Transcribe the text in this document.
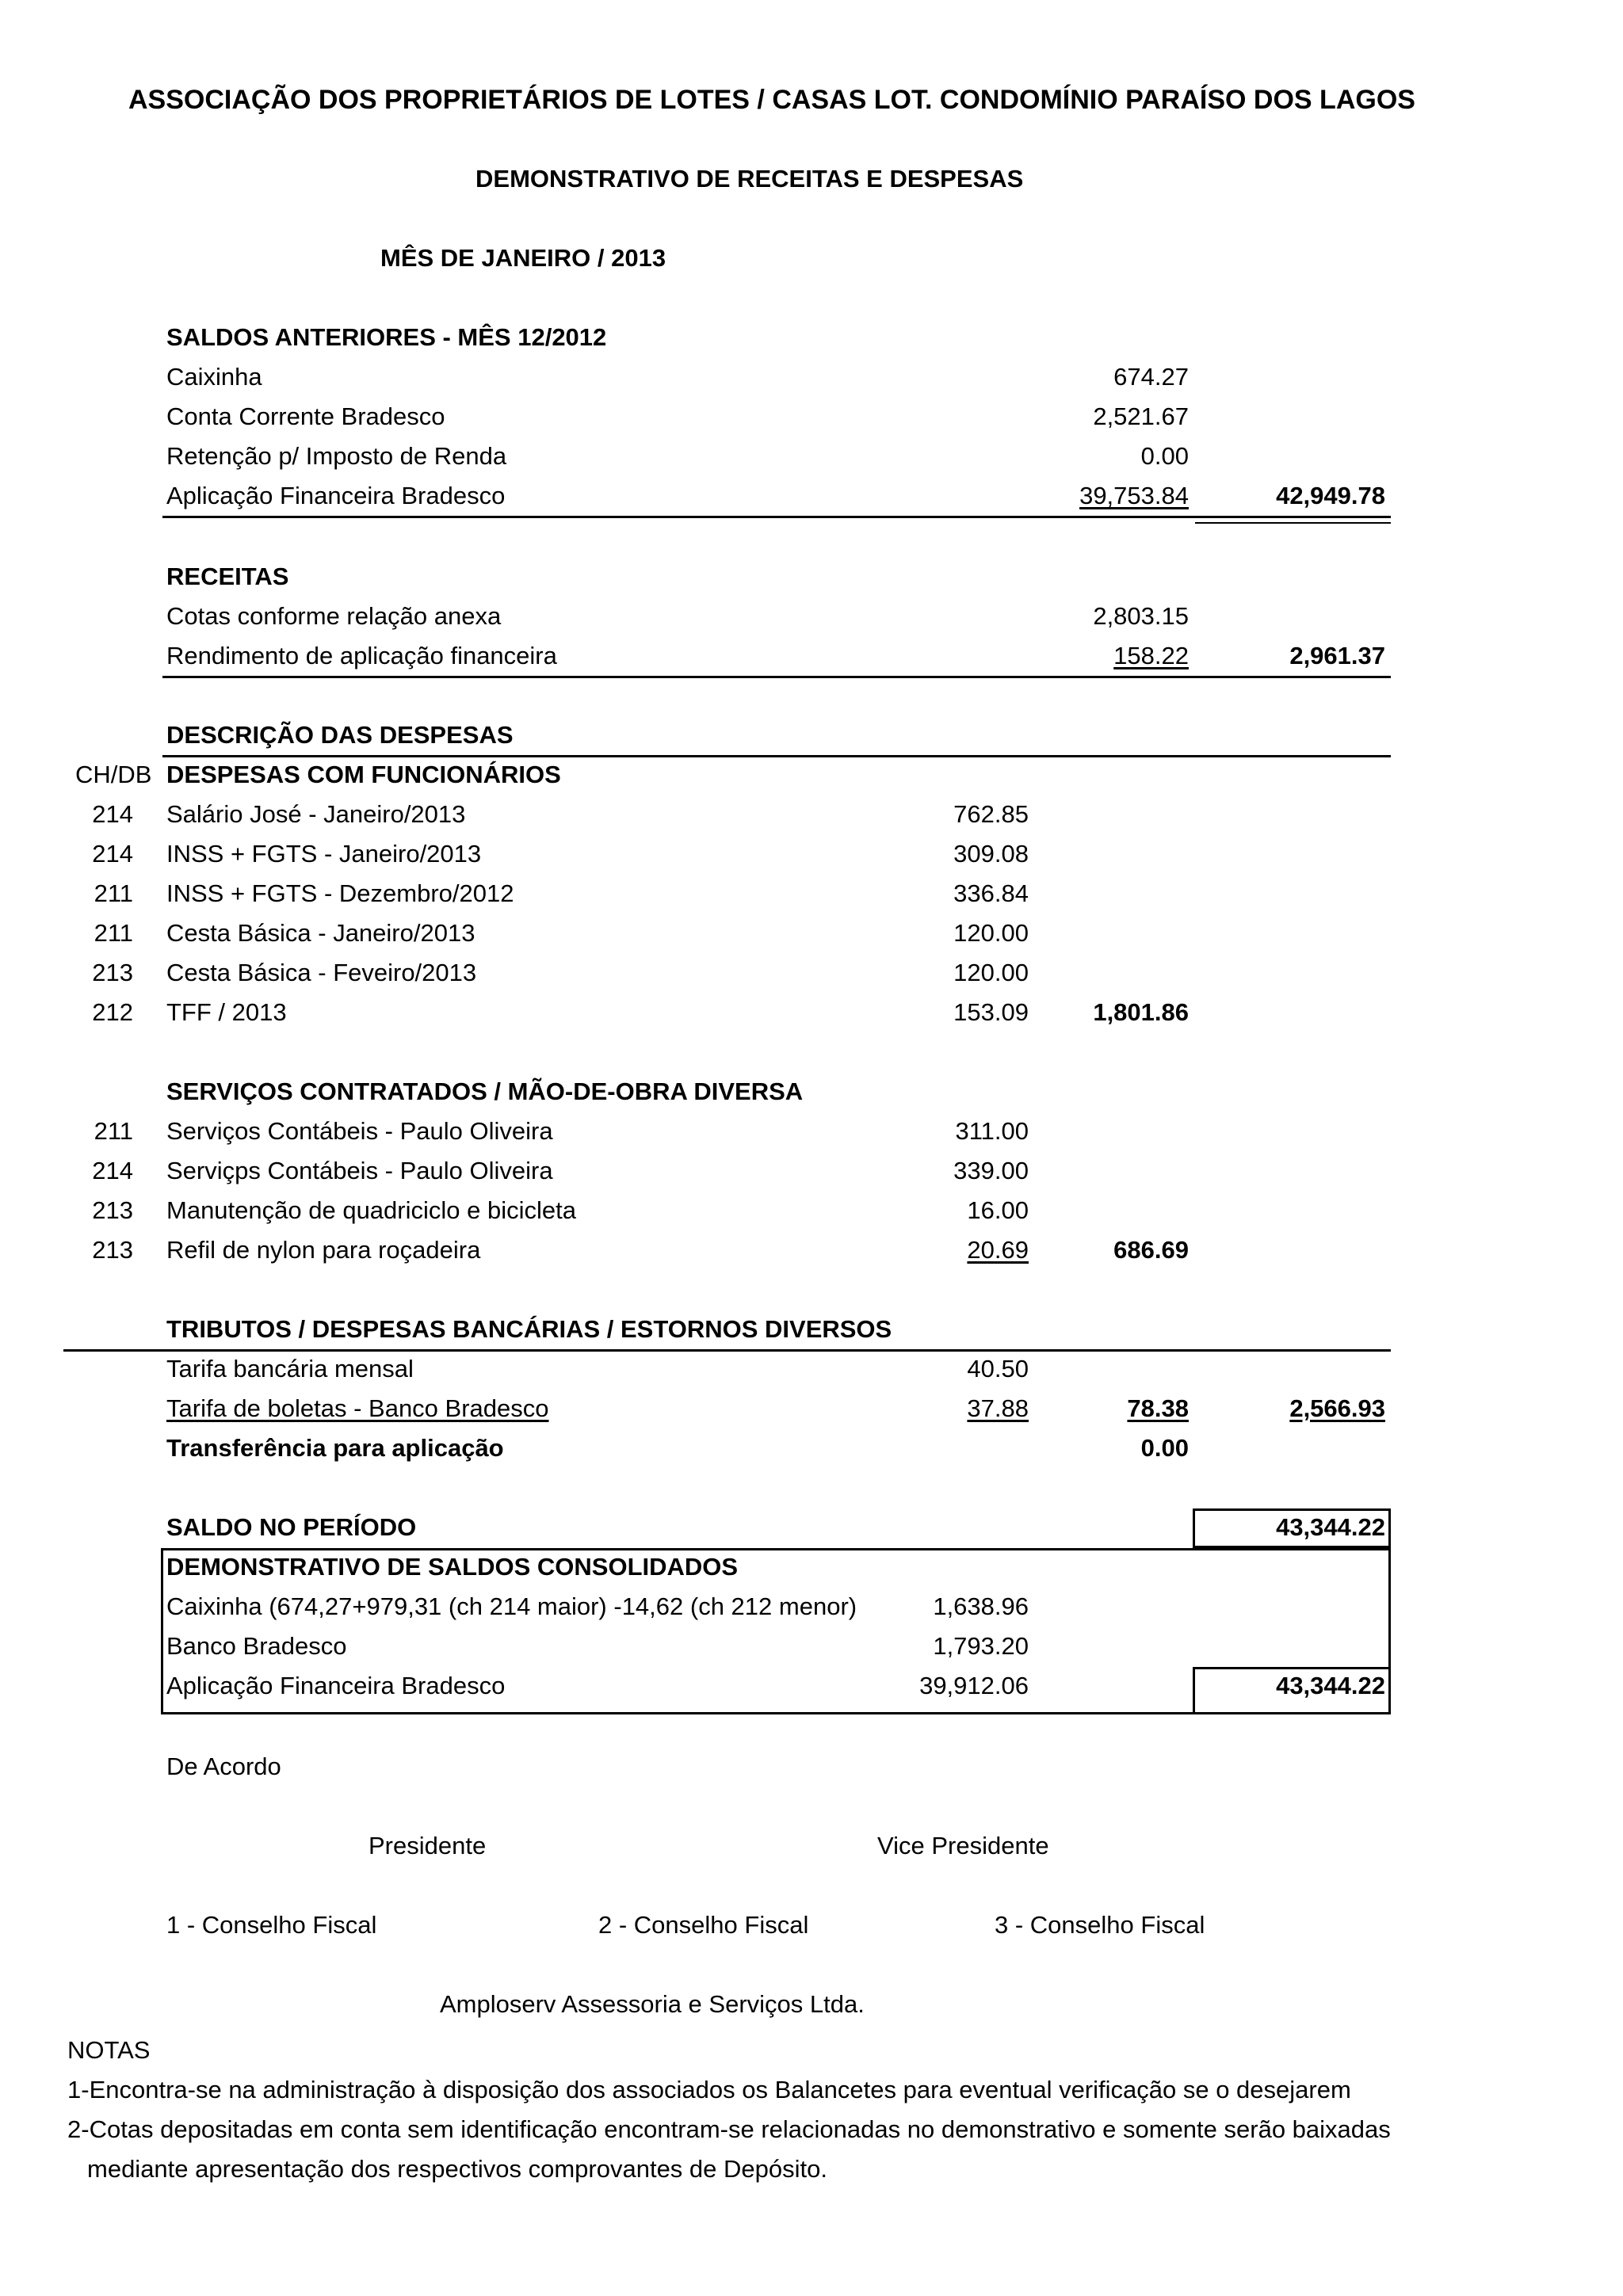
ASSOCIAÇÃO DOS PROPRIETÁRIOS DE LOTES / CASAS LOT. CONDOMÍNIO PARAÍSO DOS LAGOS
DEMONSTRATIVO DE RECEITAS E DESPESAS
MÊS DE JANEIRO / 2013
SALDOS ANTERIORES - MÊS 12/2012
Caixinha	674.27
Conta Corrente Bradesco	2,521.67
Retenção p/ Imposto de Renda	0.00
Aplicação Financeira Bradesco	39,753.84	42,949.78
RECEITAS
Cotas conforme relação anexa	2,803.15
Rendimento de aplicação financeira	158.22	2,961.37
DESCRIÇÃO DAS DESPESAS
CH/DB DESPESAS COM FUNCIONÁRIOS
214 Salário José - Janeiro/2013	762.85
214 INSS + FGTS - Janeiro/2013	309.08
211 INSS + FGTS - Dezembro/2012	336.84
211 Cesta Básica - Janeiro/2013	120.00
213 Cesta Básica - Feveiro/2013	120.00
212 TFF / 2013	153.09	1,801.86
SERVIÇOS CONTRATADOS / MÃO-DE-OBRA DIVERSA
211 Serviços Contábeis - Paulo Oliveira	311.00
214 Serviçps Contábeis - Paulo Oliveira	339.00
213 Manutenção de quadriciclo e bicicleta	16.00
213 Refil de nylon para roçadeira	20.69	686.69
TRIBUTOS / DESPESAS BANCÁRIAS / ESTORNOS DIVERSOS
Tarifa bancária mensal	40.50
Tarifa de boletas - Banco Bradesco	37.88	78.38	2,566.93
Transferência para aplicação	0.00
SALDO NO PERÍODO	43,344.22
DEMONSTRATIVO DE SALDOS CONSOLIDADOS
Caixinha (674,27+979,31 (ch 214 maior) -14,62 (ch 212 menor)	1,638.96
Banco Bradesco	1,793.20
Aplicação Financeira Bradesco	39,912.06	43,344.22
De Acordo
Presidente	Vice Presidente
1 - Conselho Fiscal	2 - Conselho Fiscal	3 - Conselho Fiscal
Amploserv Assessoria e Serviços Ltda.
NOTAS
1-Encontra-se na administração à disposição dos associados os Balancetes para eventual verificação se o desejarem
2-Cotas depositadas em conta sem identificação encontram-se relacionadas no demonstrativo e somente serão baixadas
mediante apresentação dos respectivos comprovantes de Depósito.
